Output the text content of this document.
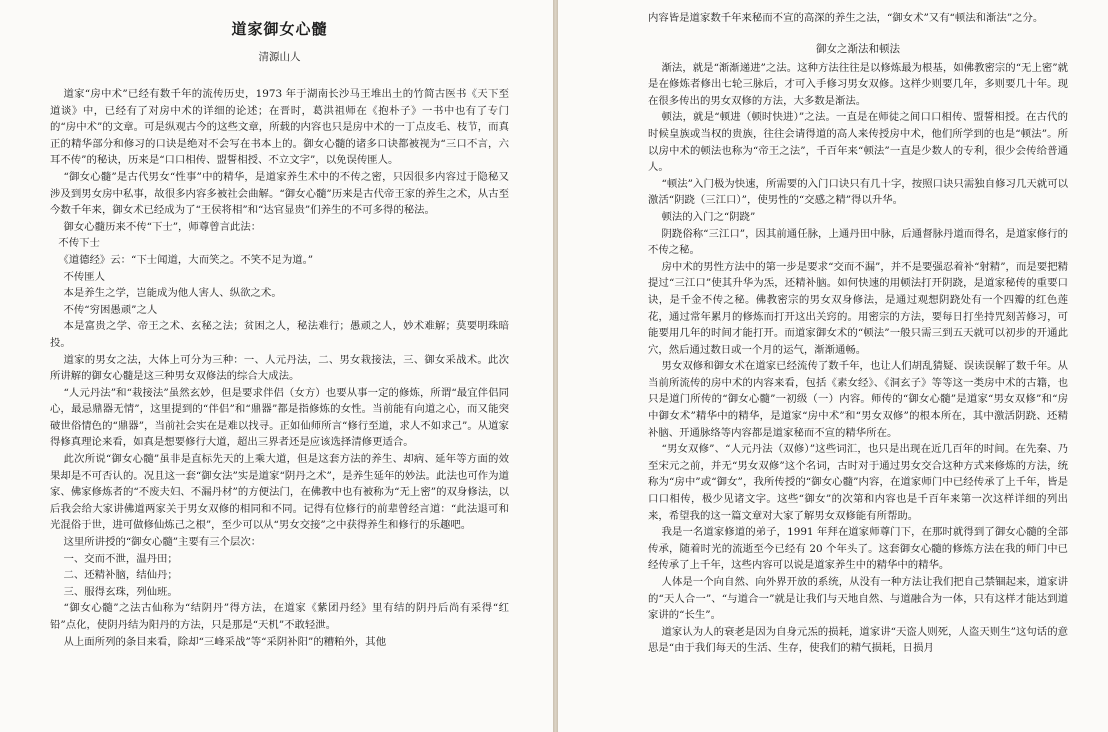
道家御女心髓
清源山人

道家“房中术”已经有数千年的流传历史，1973 年于湖南长沙马王堆出土的竹简古医书《天下至道谈》中，已经有了对房中术的详细的论述；在晋时，葛洪祖师在《抱朴子》一书中也有了专门的“房中术”的文章。可是纵观古今的这些文章，所载的内容也只是房中术的一丁点皮毛、枝节，而真正的精华部分和修习的口诀是绝对不会写在书本上的。御女心髓的诸多口诀都被视为“三口不言，六耳不传”的秘诀，历来是“口口相传、盟誓相授、不立文字”，以免误传匪人。

“御女心髓”是古代男女“性事”中的精华，是道家养生术中的不传之密，只因很多内容过于隐秘又涉及到男女房中私事，故很多内容多被社会曲解。“御女心髓”历来是古代帝王家的养生之术，从古至今数千年来，御女术已经成为了“王侯将相”和“达官显贵”们养生的不可多得的秘法。

御女心髓历来不传“下士”，师尊曾言此法：

不传下士

《道德经》云：“下士闻道，大而笑之。不笑不足为道。”

不传匪人

本是养生之学，岂能成为他人害人、纵欲之术。

不传“穷困愚顽”之人

本是富贵之学、帝王之术、玄秘之法；贫困之人，秘法难行；愚顽之人，妙术难解；莫要明珠暗投。

道家的男女之法，大体上可分为三种：一、人元丹法，二、男女栽接法，三、御女采战术。此次所讲解的御女心髓是这三种男女双修法的综合大成法。

“人元丹法”和“栽接法”虽然玄妙，但是要求伴侣（女方）也要从事一定的修炼，所谓“最宜伴侣同心，最忌鼎器无情”，这里提到的“伴侣”和“鼎器”都是指修炼的女性。当前能有向道之心，而又能突破世俗情色的“鼎器”，当前社会实在是难以找寻。正如仙师所言“修行至道，求人不如求己”。从道家得修真理论来看，如真是想要修行大道，超出三界者还是应该选择清修更适合。

此次所说“御女心髓”虽非是直标先天的上乘大道，但是这套方法的养生、却病、延年等方面的效果却是不可否认的。况且这一套“御女法”实是道家“阴丹之术”，是养生延年的妙法。此法也可作为道家、佛家修炼者的“不废夫妇、不漏丹材”的方便法门，在佛教中也有被称为“无上密”的双身修法，以后我会给大家讲佛道两家关于男女双修的相同和不同。记得有位修行的前辈曾经言道：“此法退可和光混俗于世，进可做修仙炼己之根”，至少可以从“男女交接”之中获得养生和修行的乐趣吧。

这里所讲授的“御女心髓”主要有三个层次：

一、交而不泄，温丹田；

二、还精补脑，结仙丹；

三、服得玄珠，列仙班。

“御女心髓”之法古仙称为“结阴丹”得方法，在道家《紫团丹经》里有结的阴丹后尚有采得“红铅”点化，使阴丹结为阳丹的方法，只是那是“天机”不敢轻泄。

从上面所列的条目来看，除却“三峰采战”等“采阴补阳”的糟粕外，其他

内容皆是道家数千年来秘而不宣的高深的养生之法，“御女术”又有“顿法和渐法”之分。

御女之渐法和顿法

渐法，就是“渐渐递进”之法。这种方法往往是以修炼最为根基，如佛教密宗的“无上密”就是在修炼者修出七轮三脉后，才可入手修习男女双修。这样少则要几年，多则要几十年。现在很多传出的男女双修的方法，大多数是渐法。

顿法，就是“顿进（顿时快进）”之法。一直是在师徒之间口口相传、盟誓相授。在古代的时候皇族或当权的贵族，往往会请得道的高人来传授房中术，他们所学到的也是“顿法”。所以房中术的顿法也称为“帝王之法”，千百年来“顿法”一直是少数人的专利，很少会传给普通人。

“顿法”入门极为快速，所需要的入门口诀只有几十字，按照口诀只需独自修习几天就可以激活“阴跷（三江口）”，使男性的“交感之精”得以升华。

顿法的入门之“阴跷”

阴跷俗称“三江口”，因其前通任脉，上通丹田中脉，后通督脉丹道而得名，是道家修行的不传之秘。

房中术的男性方法中的第一步是要求“交而不漏”，并不是要强忍着补“射精”，而是要把精提过“三江口”使其升华为炁，还精补脑。如何快速的用顿法打开阴跷，是道家秘传的重要口诀，是千金不传之秘。佛教密宗的男女双身修法，是通过观想阴跷处有一个四瓣的红色莲花，通过常年累月的修炼而打开这出关窍的。用密宗的方法，要每日打坐持咒刻苦修习，可能要用几年的时间才能打开。而道家御女术的“顿法”一般只需三到五天就可以初步的开通此穴，然后通过数日或一个月的运气，渐渐通畅。

男女双修和御女术在道家已经流传了数千年，也让人们胡乱猜疑、误读误解了数千年。从当前所流传的房中术的内容来看，包括《素女经》、《洞玄子》等等这一类房中术的古籍，也只是道门所传的“御女心髓”一初级（一）内容。师传的“御女心髓”是道家“男女双修”和“房中御女术”精华中的精华，是道家“房中术”和“男女双修”的根本所在，其中激活阴跷、还精补脑、开通脉络等内容都是道家秘而不宣的精华所在。

“男女双修”、“人元丹法（双修）”这些词汇，也只是出现在近几百年的时间。在先秦、乃至宋元之前，并无“男女双修”这个名词，古时对于通过男女交合这种方式来修炼的方法，统称为“房中”或“御女”，我所传授的“御女心髓”内容，在道家师门中已经传承了上千年，皆是口口相传，极少见诸文字。这些“御女”的次第和内容也是千百年来第一次这样详细的列出来，希望我的这一篇文章对大家了解男女双修能有所帮助。

我是一名道家修道的弟子，1991 年拜在道家师尊门下，在那时就得到了御女心髓的全部传承，随着时光的流逝至今已经有 20 个年头了。这套御女心髓的修炼方法在我的师门中已经传承了上千年，这些内容可以说是道家养生中的精华中的精华。

人体是一个向自然、向外界开放的系统，从没有一种方法让我们把自己禁锢起来，道家讲的“天人合一”、“与道合一”就是让我们与天地自然、与道融合为一体，只有这样才能达到道家讲的“长生”。

道家认为人的衰老是因为自身元炁的损耗，道家讲“天盗人则死，人盗天则生”这句话的意思是“由于我们每天的生活、生存，使我们的精气损耗，日损月
